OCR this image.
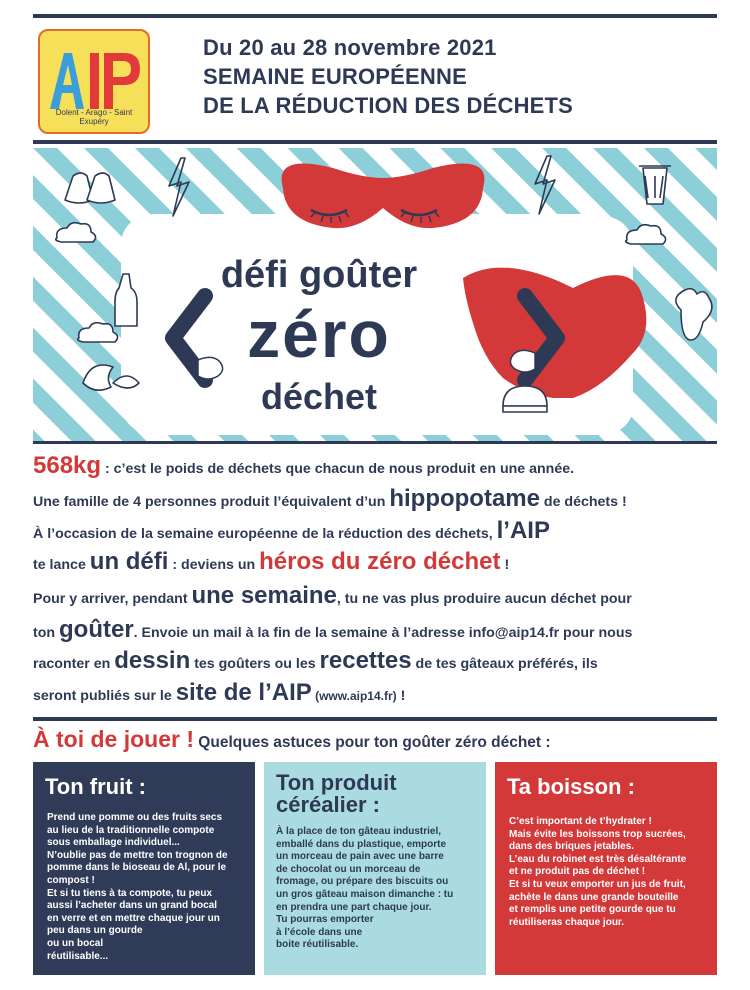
Dolent - Arago - Saint Exupéry
Du 20 au 28 novembre 2021
SEMAINE EUROPÉENNE
DE LA RÉDUCTION DES DÉCHETS
défi goûter
zéro
déchet
568kg : c’est le poids de déchets que chacun de nous produit en une année.
Une famille de 4 personnes produit l’équivalent d’un hippopotame de déchets !
À l’occasion de la semaine européenne de la réduction des déchets, l’AIP
te lance un défi : deviens un héros du zéro déchet !
Pour y arriver, pendant une semaine, tu ne vas plus produire aucun déchet pour
ton goûter. Envoie un mail à la fin de la semaine à l’adresse info@aip14.fr pour nous
raconter en dessin tes goûters ou les recettes de tes gâteaux préférés, ils
seront publiés sur le site de l’AIP (www.aip14.fr) !
À toi de jouer ! Quelques astuces pour ton goûter zéro déchet :
Ton fruit :
Prend une pomme ou des fruits secs
au lieu de la traditionnelle compote
sous emballage individuel...
N’oublie pas de mettre ton trognon de
pomme dans le bioseau de Al, pour le
compost !
Et si tu tiens à ta compote, tu peux
aussi l’acheter dans un grand bocal
en verre et en mettre chaque jour un
peu dans un gourde
ou un bocal
réutilisable...
Ton produit
céréalier :
À la place de ton gâteau industriel,
emballé dans du plastique, emporte
un morceau de pain avec une barre
de chocolat ou un morceau de
fromage, ou prépare des biscuits ou
un gros gâteau maison dimanche : tu
en prendra une part chaque jour.
Tu pourras emporter
à l’école dans une
boite réutilisable.
Ta boisson :
C’est important de t’hydrater !
Mais évite les boissons trop sucrées,
dans des briques jetables.
L’eau du robinet est très désaltérante
et ne produit pas de déchet !
Et si tu veux emporter un jus de fruit,
achète le dans une grande bouteille
et remplis une petite gourde que tu
réutiliseras chaque jour.
